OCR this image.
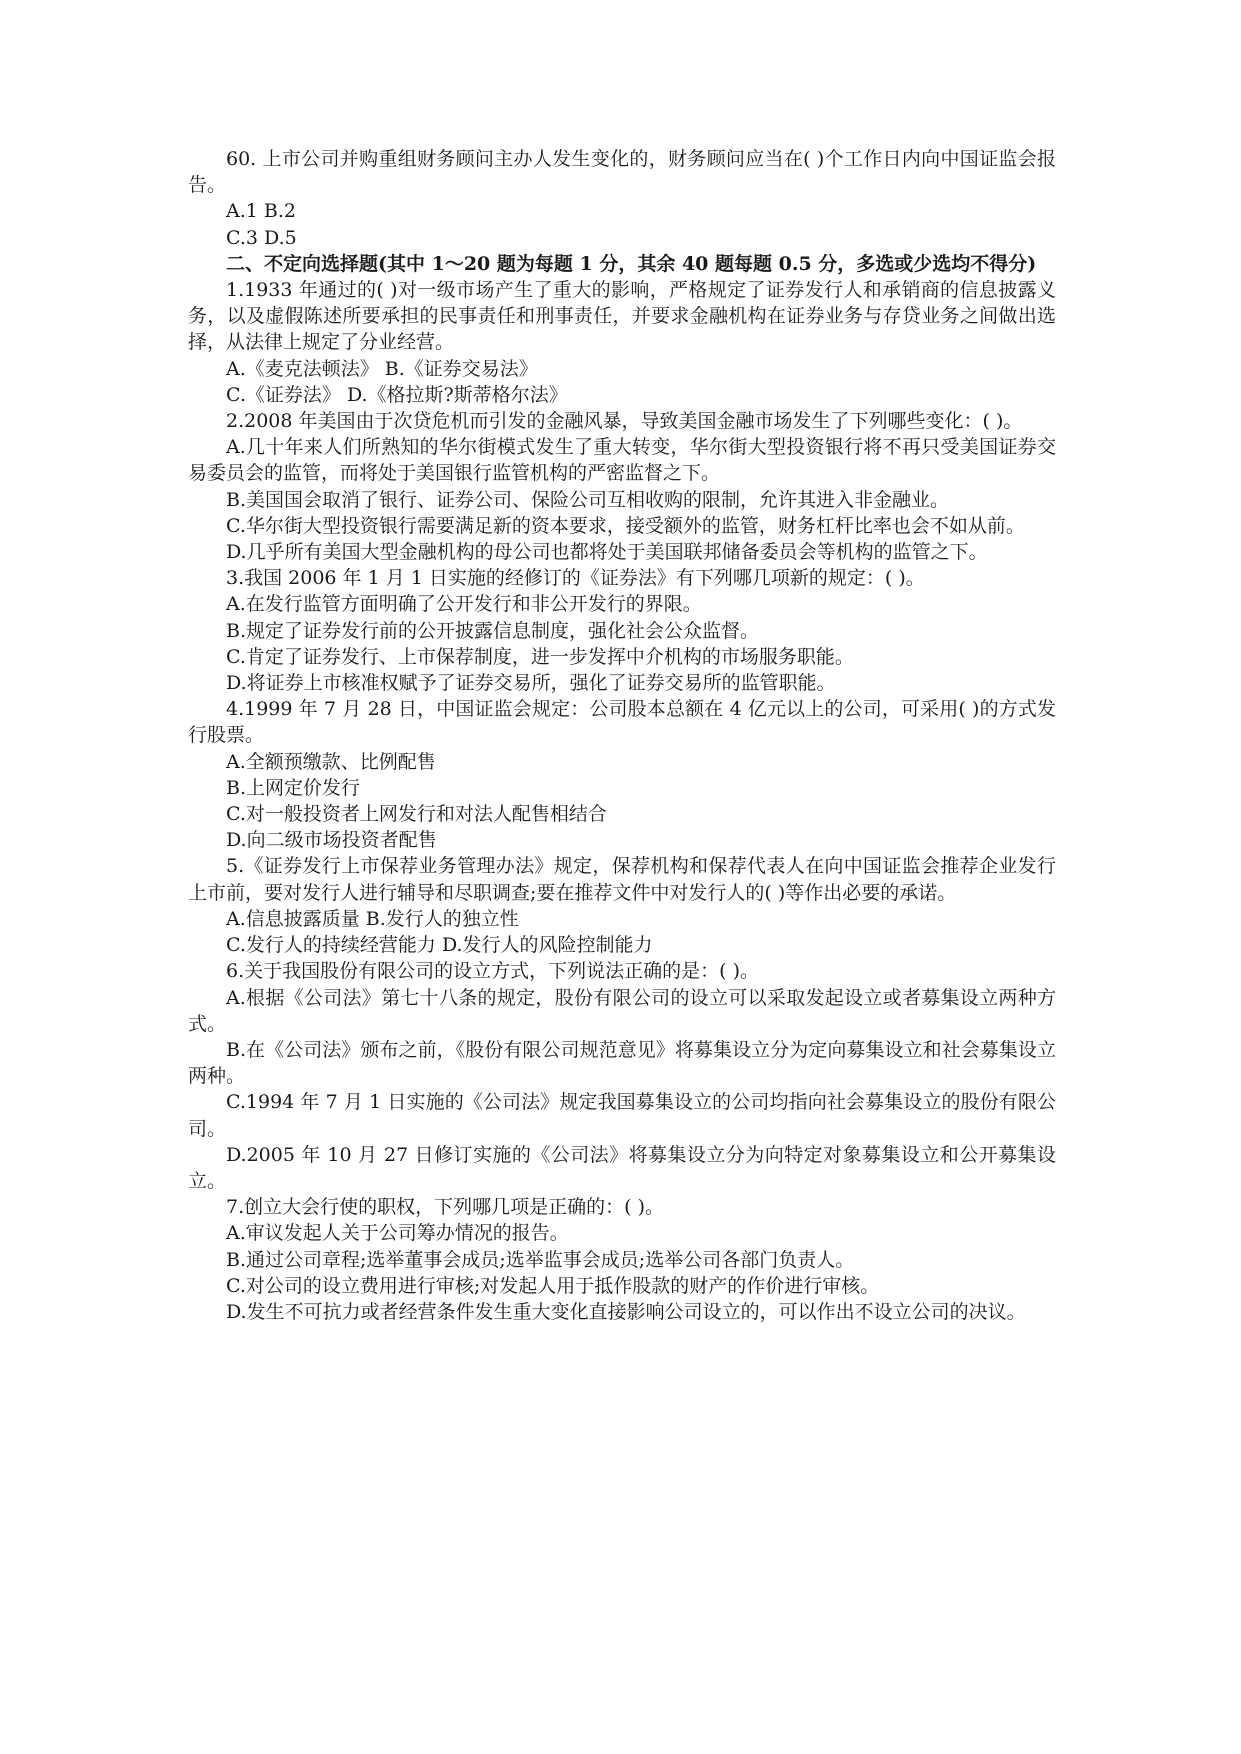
60. 上市公司并购重组财务顾问主办人发生变化的，财务顾问应当在( )个工作日内向中国证监会报告。

A.1 B.2

C.3 D.5

二、不定向选择题(其中 1～20 题为每题 1 分，其余 40 题每题 0.5 分，多选或少选均不得分)

1.1933 年通过的( )对一级市场产生了重大的影响，严格规定了证券发行人和承销商的信息披露义务，以及虚假陈述所要承担的民事责任和刑事责任，并要求金融机构在证券业务与存贷业务之间做出选择，从法律上规定了分业经营。

A.《麦克法顿法》 B.《证券交易法》

C.《证券法》 D.《格拉斯?斯蒂格尔法》

2.2008 年美国由于次贷危机而引发的金融风暴，导致美国金融市场发生了下列哪些变化：( )。

A.几十年来人们所熟知的华尔街模式发生了重大转变，华尔街大型投资银行将不再只受美国证券交易委员会的监管，而将处于美国银行监管机构的严密监督之下。

B.美国国会取消了银行、证券公司、保险公司互相收购的限制，允许其进入非金融业。

C.华尔街大型投资银行需要满足新的资本要求，接受额外的监管，财务杠杆比率也会不如从前。

D.几乎所有美国大型金融机构的母公司也都将处于美国联邦储备委员会等机构的监管之下。

3.我国 2006 年 1 月 1 日实施的经修订的《证券法》有下列哪几项新的规定：( )。

A.在发行监管方面明确了公开发行和非公开发行的界限。

B.规定了证券发行前的公开披露信息制度，强化社会公众监督。

C.肯定了证券发行、上市保荐制度，进一步发挥中介机构的市场服务职能。

D.将证券上市核准权赋予了证券交易所，强化了证券交易所的监管职能。

4.1999 年 7 月 28 日，中国证监会规定：公司股本总额在 4 亿元以上的公司，可采用( )的方式发行股票。

A.全额预缴款、比例配售

B.上网定价发行

C.对一般投资者上网发行和对法人配售相结合

D.向二级市场投资者配售

5.《证券发行上市保荐业务管理办法》规定，保荐机构和保荐代表人在向中国证监会推荐企业发行上市前，要对发行人进行辅导和尽职调查;要在推荐文件中对发行人的( )等作出必要的承诺。

A.信息披露质量 B.发行人的独立性

C.发行人的持续经营能力 D.发行人的风险控制能力

6.关于我国股份有限公司的设立方式，下列说法正确的是：( )。

A.根据《公司法》第七十八条的规定，股份有限公司的设立可以采取发起设立或者募集设立两种方式。

B.在《公司法》颁布之前，《股份有限公司规范意见》将募集设立分为定向募集设立和社会募集设立两种。

C.1994 年 7 月 1 日实施的《公司法》规定我国募集设立的公司均指向社会募集设立的股份有限公司。

D.2005 年 10 月 27 日修订实施的《公司法》将募集设立分为向特定对象募集设立和公开募集设立。

7.创立大会行使的职权，下列哪几项是正确的：( )。

A.审议发起人关于公司筹办情况的报告。

B.通过公司章程;选举董事会成员;选举监事会成员;选举公司各部门负责人。

C.对公司的设立费用进行审核;对发起人用于抵作股款的财产的作价进行审核。

D.发生不可抗力或者经营条件发生重大变化直接影响公司设立的，可以作出不设立公司的决议。
